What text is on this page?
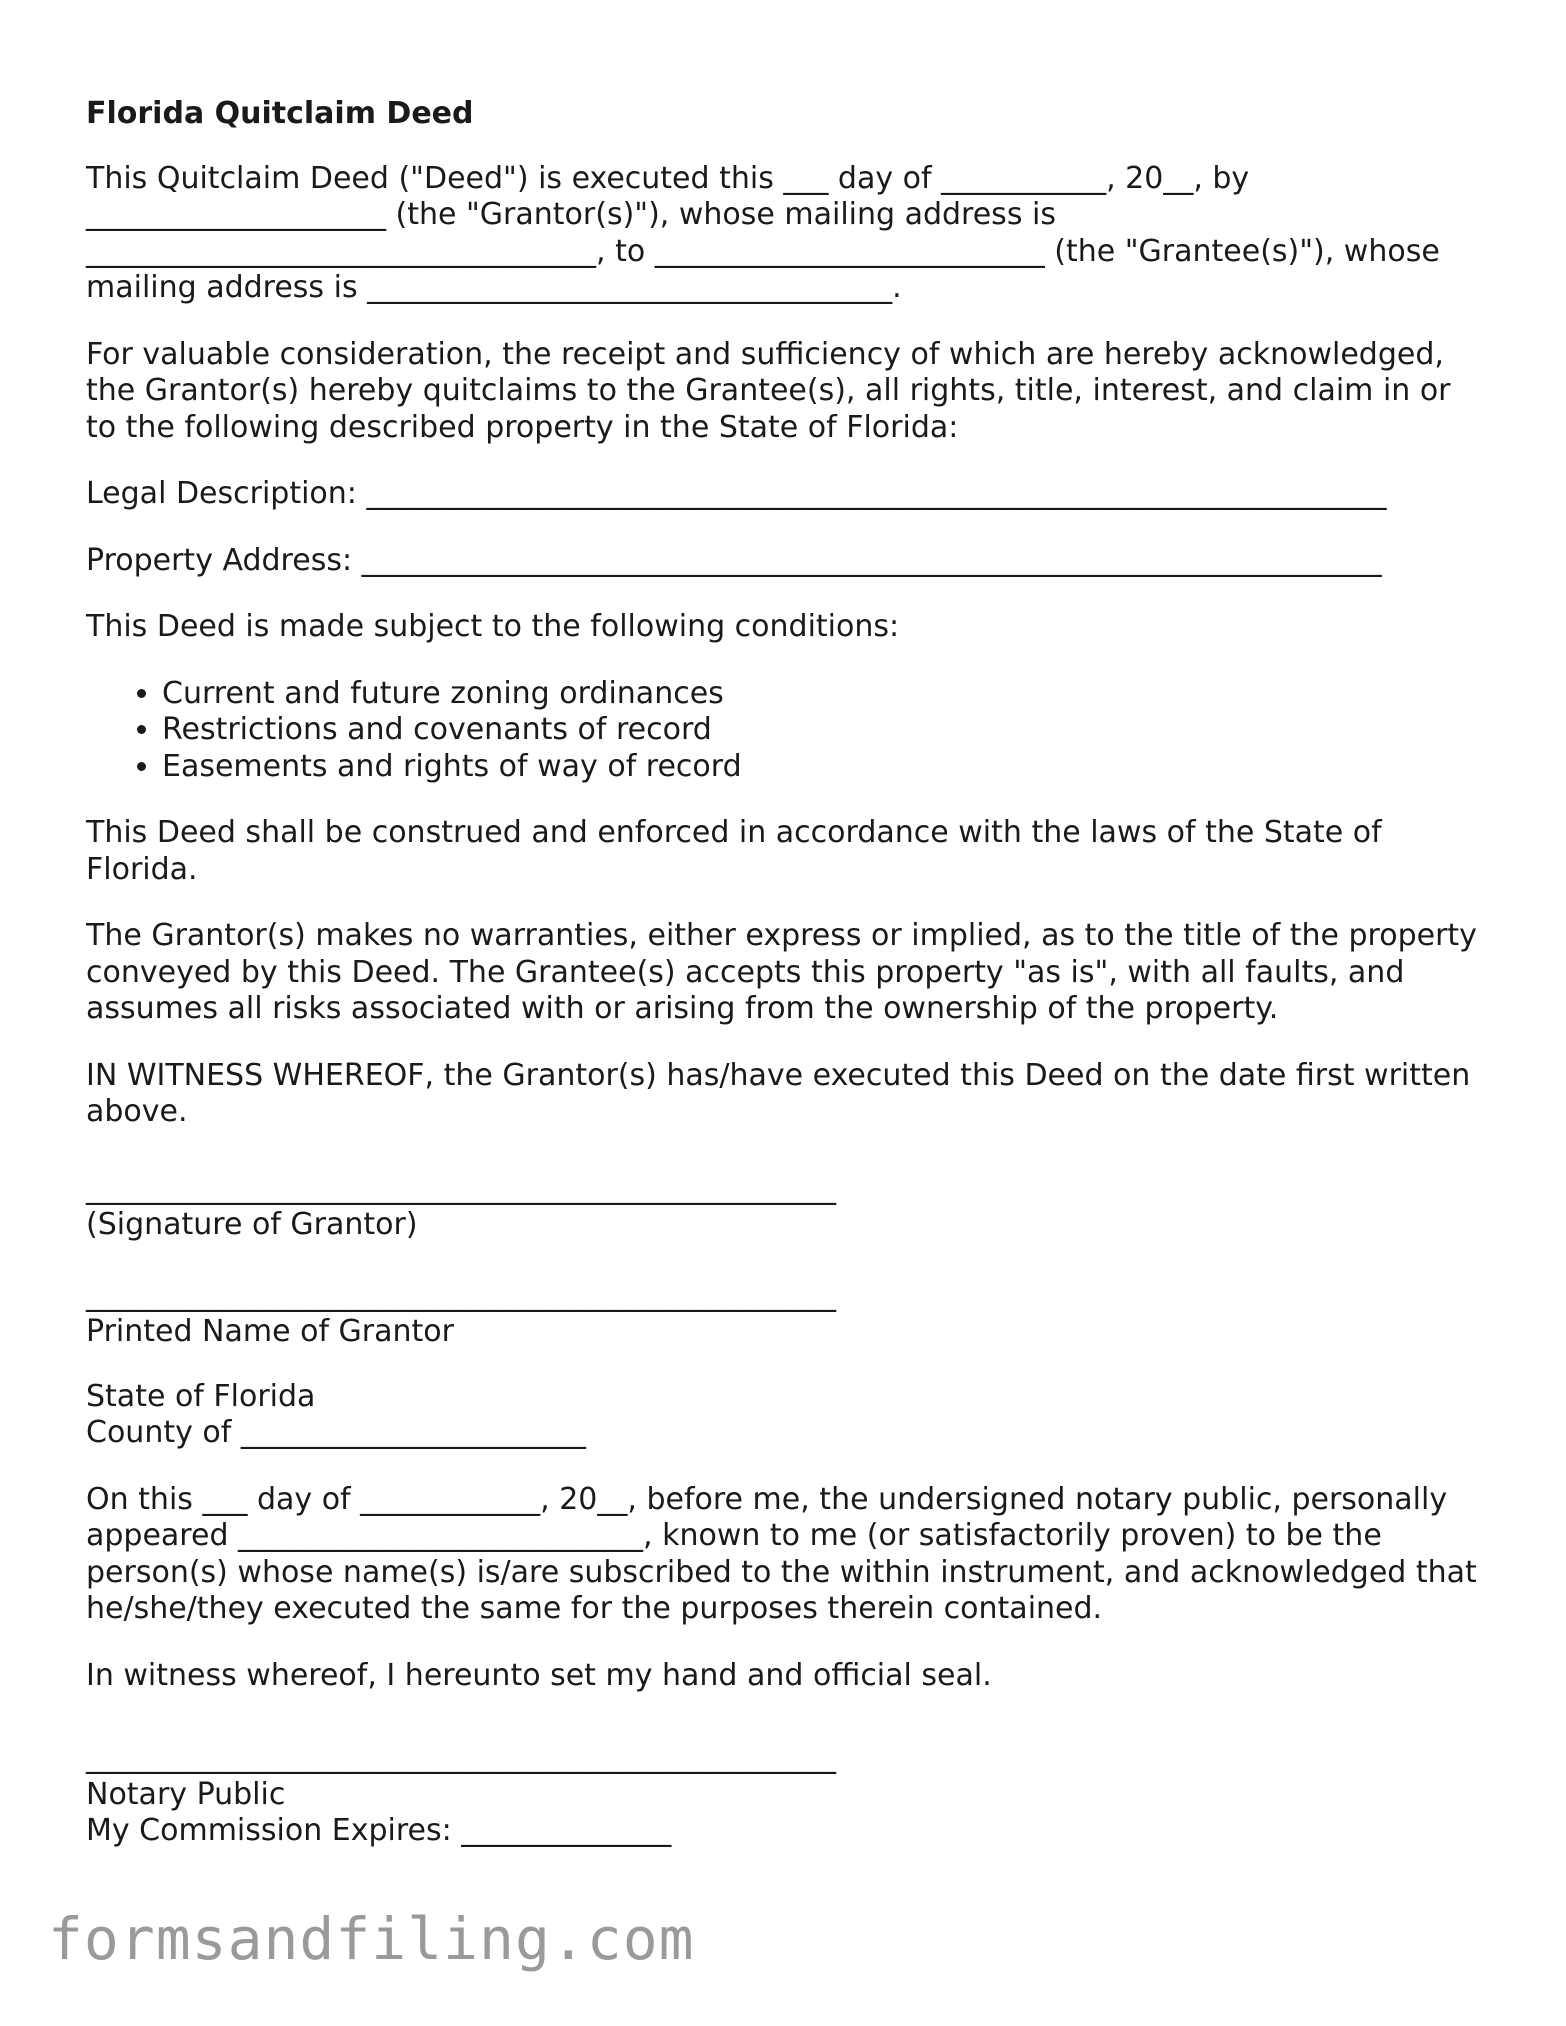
Florida Quitclaim Deed

This Quitclaim Deed ("Deed") is executed this ___ day of ___________, 20__, by ____________________ (the "Grantor(s)"), whose mailing address is __________________________________, to __________________________ (the "Grantee(s)"), whose mailing address is ___________________________________.

For valuable consideration, the receipt and sufficiency of which are hereby acknowledged, the Grantor(s) hereby quitclaims to the Grantee(s), all rights, title, interest, and claim in or to the following described property in the State of Florida:

Legal Description: ____________________________________________________________________

Property Address: ____________________________________________________________________

This Deed is made subject to the following conditions:

• Current and future zoning ordinances
• Restrictions and covenants of record
• Easements and rights of way of record

This Deed shall be construed and enforced in accordance with the laws of the State of Florida.

The Grantor(s) makes no warranties, either express or implied, as to the title of the property conveyed by this Deed. The Grantee(s) accepts this property "as is", with all faults, and assumes all risks associated with or arising from the ownership of the property.

IN WITNESS WHEREOF, the Grantor(s) has/have executed this Deed on the date first written above.

__________________________________________________
(Signature of Grantor)
__________________________________________________
Printed Name of Grantor
State of Florida
County of _______________________

On this ___ day of ____________, 20__, before me, the undersigned notary public, personally appeared ___________________________, known to me (or satisfactorily proven) to be the person(s) whose name(s) is/are subscribed to the within instrument, and acknowledged that he/she/they executed the same for the purposes therein contained.

In witness whereof, I hereunto set my hand and official seal.

__________________________________________________
Notary Public
My Commission Expires: ______________
formsandfiling.com
